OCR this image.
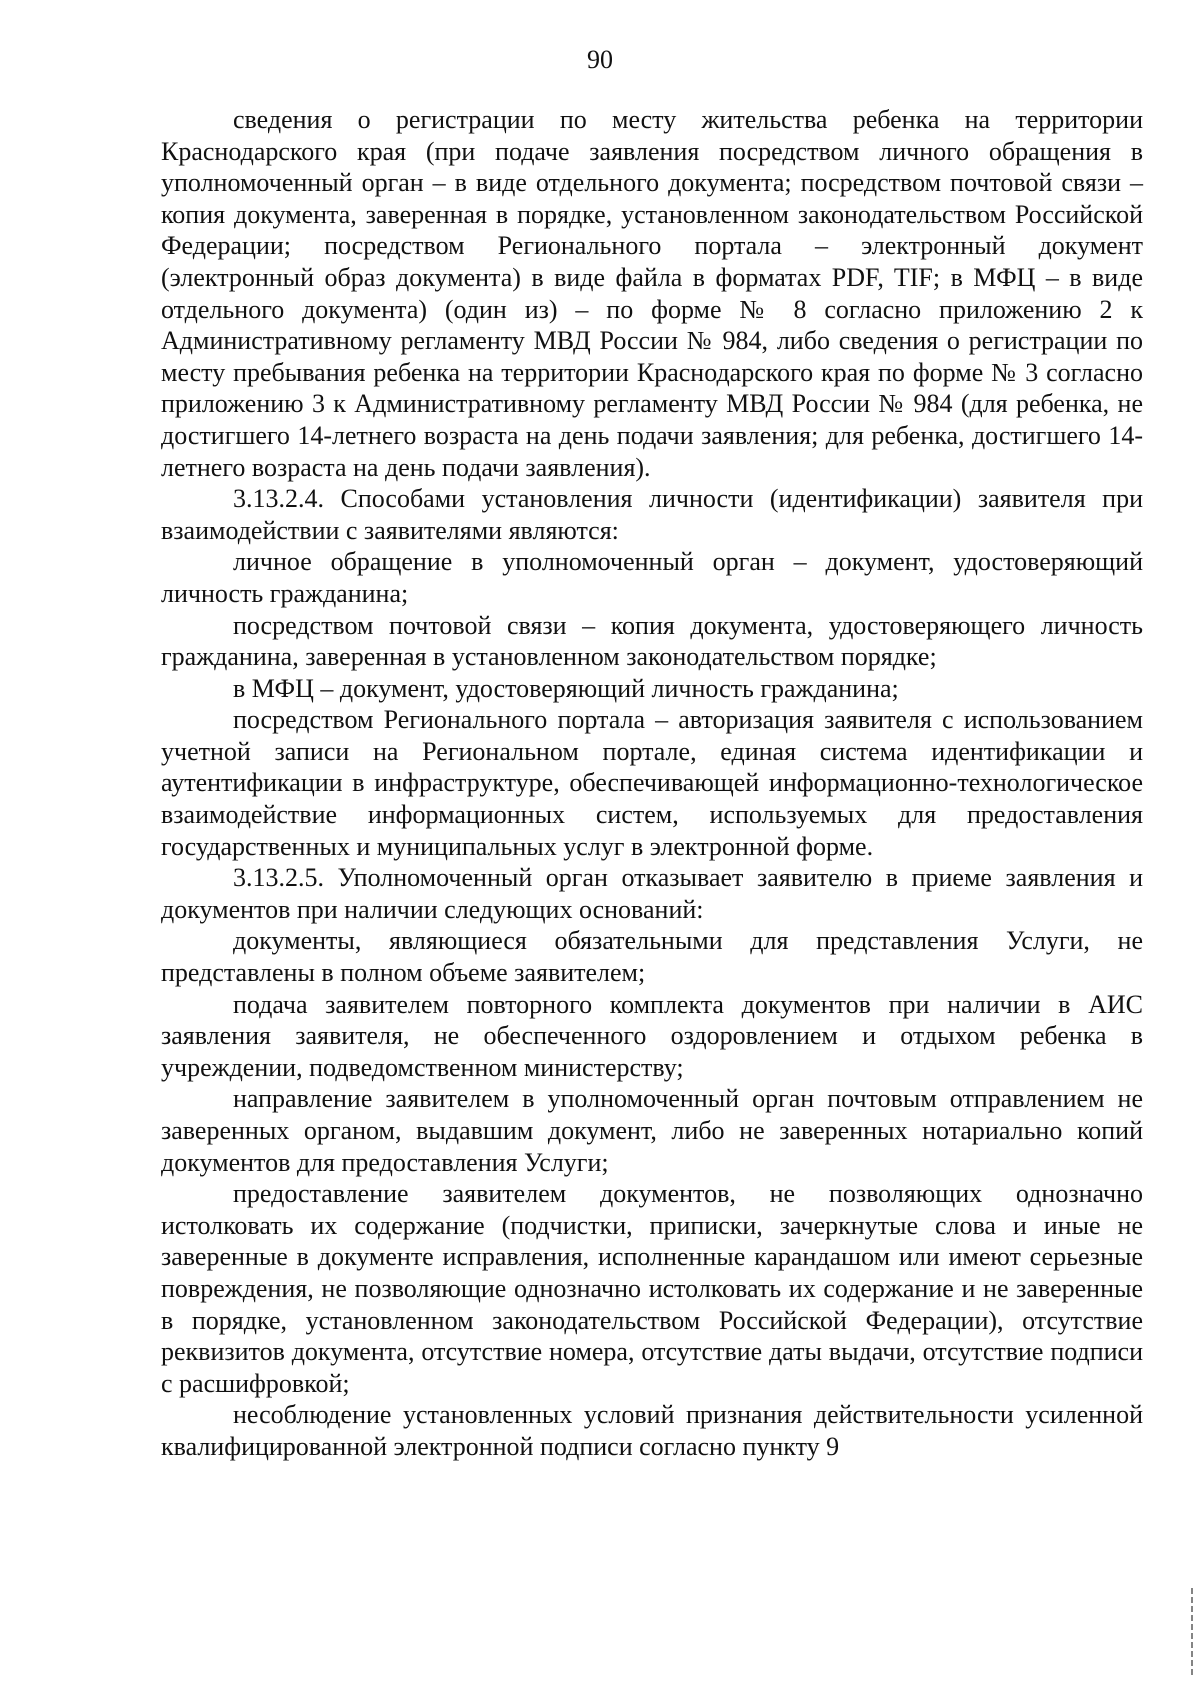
90

сведения о регистрации по месту жительства ребенка на территории Краснодарского края (при подаче заявления посредством личного обращения в уполномоченный орган – в виде отдельного документа; посредством почтовой связи – копия документа, заверенная в порядке, установленном законодательством Российской Федерации; посредством Регионального портала – электронный документ (электронный образ документа) в виде файла в форматах PDF, TIF; в МФЦ – в виде отдельного документа) (один из) – по форме № 8 согласно приложению 2 к Административному регламенту МВД России № 984, либо сведения о регистрации по месту пребывания ребенка на территории Краснодарского края по форме № 3 согласно приложению 3 к Административному регламенту МВД России № 984 (для ребенка, не достигшего 14-летнего возраста на день подачи заявления; для ребенка, достигшего 14-летнего возраста на день подачи заявления).

3.13.2.4. Способами установления личности (идентификации) заявителя при взаимодействии с заявителями являются:

личное обращение в уполномоченный орган – документ, удостоверяющий личность гражданина;

посредством почтовой связи – копия документа, удостоверяющего личность гражданина, заверенная в установленном законодательством порядке;

в МФЦ – документ, удостоверяющий личность гражданина;

посредством Регионального портала – авторизация заявителя с использованием учетной записи на Региональном портале, единая система идентификации и аутентификации в инфраструктуре, обеспечивающей информационно-технологическое взаимодействие информационных систем, используемых для предоставления государственных и муниципальных услуг в электронной форме.

3.13.2.5. Уполномоченный орган отказывает заявителю в приеме заявления и документов при наличии следующих оснований:

документы, являющиеся обязательными для представления Услуги, не представлены в полном объеме заявителем;

подача заявителем повторного комплекта документов при наличии в АИС заявления заявителя, не обеспеченного оздоровлением и отдыхом ребенка в учреждении, подведомственном министерству;

направление заявителем в уполномоченный орган почтовым отправлением не заверенных органом, выдавшим документ, либо не заверенных нотариально копий документов для предоставления Услуги;

предоставление заявителем документов, не позволяющих однозначно истолковать их содержание (подчистки, приписки, зачеркнутые слова и иные не заверенные в документе исправления, исполненные карандашом или имеют серьезные повреждения, не позволяющие однозначно истолковать их содержание и не заверенные в порядке, установленном законодательством Российской Федерации), отсутствие реквизитов документа, отсутствие номера, отсутствие даты выдачи, отсутствие подписи с расшифровкой;

несоблюдение установленных условий признания действительности усиленной квалифицированной электронной подписи согласно пункту 9
